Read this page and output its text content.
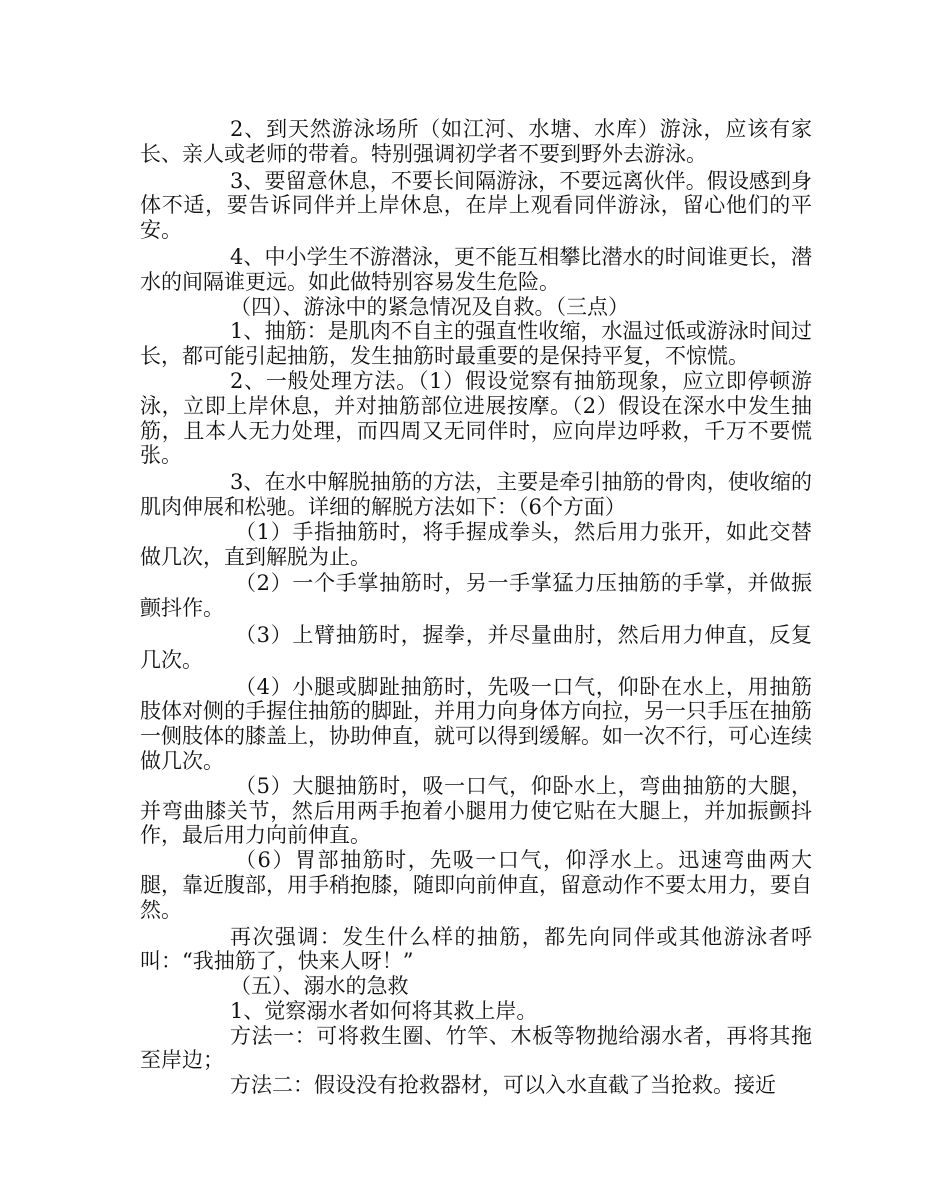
2、到天然游泳场所（如江河、水塘、水库）游泳，应该有家长、亲人或老师的带着。特别强调初学者不要到野外去游泳。

3、要留意休息，不要长间隔游泳，不要远离伙伴。假设感到身体不适，要告诉同伴并上岸休息，在岸上观看同伴游泳，留心他们的平安。

4、中小学生不游潜泳，更不能互相攀比潜水的时间谁更长，潜水的间隔谁更远。如此做特别容易发生危险。

（四）、游泳中的紧急情况及自救。（三点）

1、抽筋：是肌肉不自主的强直性收缩，水温过低或游泳时间过长，都可能引起抽筋，发生抽筋时最重要的是保持平复，不惊慌。

2、一般处理方法。（1）假设觉察有抽筋现象，应立即停顿游泳，立即上岸休息，并对抽筋部位进展按摩。（2）假设在深水中发生抽筋，且本人无力处理，而四周又无同伴时，应向岸边呼救，千万不要慌张。

3、在水中解脱抽筋的方法，主要是牵引抽筋的骨肉，使收缩的肌肉伸展和松驰。详细的解脱方法如下：（6个方面）

（1）手指抽筋时，将手握成拳头，然后用力张开，如此交替做几次，直到解脱为止。

（2）一个手掌抽筋时，另一手掌猛力压抽筋的手掌，并做振颤抖作。

（3）上臂抽筋时，握拳，并尽量曲肘，然后用力伸直，反复几次。

（4）小腿或脚趾抽筋时，先吸一口气，仰卧在水上，用抽筋肢体对侧的手握住抽筋的脚趾，并用力向身体方向拉，另一只手压在抽筋一侧肢体的膝盖上，协助伸直，就可以得到缓解。如一次不行，可心连续做几次。

（5）大腿抽筋时，吸一口气，仰卧水上，弯曲抽筋的大腿，并弯曲膝关节，然后用两手抱着小腿用力使它贴在大腿上，并加振颤抖作，最后用力向前伸直。

（6）胃部抽筋时，先吸一口气，仰浮水上。迅速弯曲两大腿，靠近腹部，用手稍抱膝，随即向前伸直，留意动作不要太用力，要自然。

再次强调：发生什么样的抽筋，都先向同伴或其他游泳者呼叫：“我抽筋了，快来人呀！”

（五）、溺水的急救

1、觉察溺水者如何将其救上岸。

方法一：可将救生圈、竹竿、木板等物抛给溺水者，再将其拖至岸边；

方法二：假设没有抢救器材，可以入水直截了当抢救。接近
